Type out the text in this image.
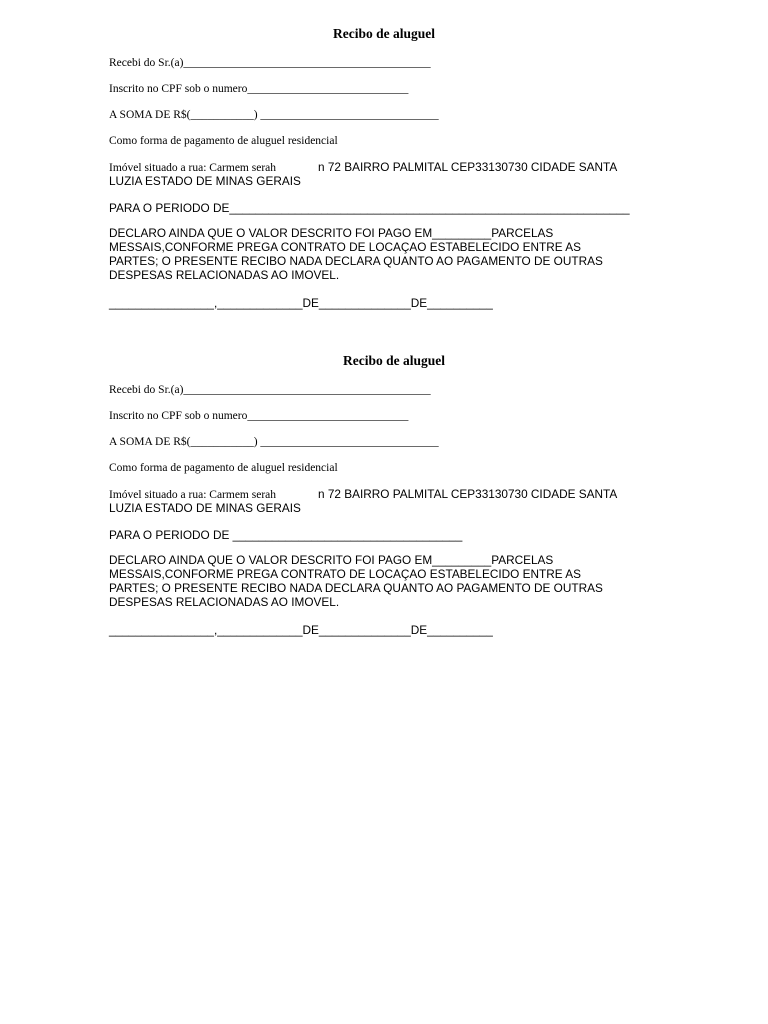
Recibo de aluguel
Recebi do Sr.(a)___________________________________________
Inscrito no CPF sob o numero____________________________
A SOMA DE R$(___________) _______________________________
Como forma de pagamento de aluguel residencial
Imóvel situado a rua: Carmem serah	n 72 BAIRRO PALMITAL CEP33130730 CIDADE SANTA
LUZIA ESTADO DE MINAS GERAIS
PARA O PERIODO DE_____________________________________________________________
DECLARO AINDA QUE O VALOR DESCRITO FOI PAGO EM_________PARCELAS
MESSAIS,CONFORME PREGA CONTRATO DE LOCAÇAO ESTABELECIDO ENTRE AS
PARTES; O PRESENTE RECIBO NADA DECLARA QUANTO AO PAGAMENTO DE OUTRAS
DESPESAS RELACIONADAS AO IMOVEL.
________________,_____________DE______________DE__________
Recibo de aluguel
Recebi do Sr.(a)___________________________________________
Inscrito no CPF sob o numero____________________________
A SOMA DE R$(___________) _______________________________
Como forma de pagamento de aluguel residencial
Imóvel situado a rua: Carmem serah	n 72 BAIRRO PALMITAL CEP33130730 CIDADE SANTA
LUZIA ESTADO DE MINAS GERAIS
PARA O PERIODO DE ___________________________________
DECLARO AINDA QUE O VALOR DESCRITO FOI PAGO EM_________PARCELAS
MESSAIS,CONFORME PREGA CONTRATO DE LOCAÇAO ESTABELECIDO ENTRE AS
PARTES; O PRESENTE RECIBO NADA DECLARA QUANTO AO PAGAMENTO DE OUTRAS
DESPESAS RELACIONADAS AO IMOVEL.
________________,_____________DE______________DE__________
